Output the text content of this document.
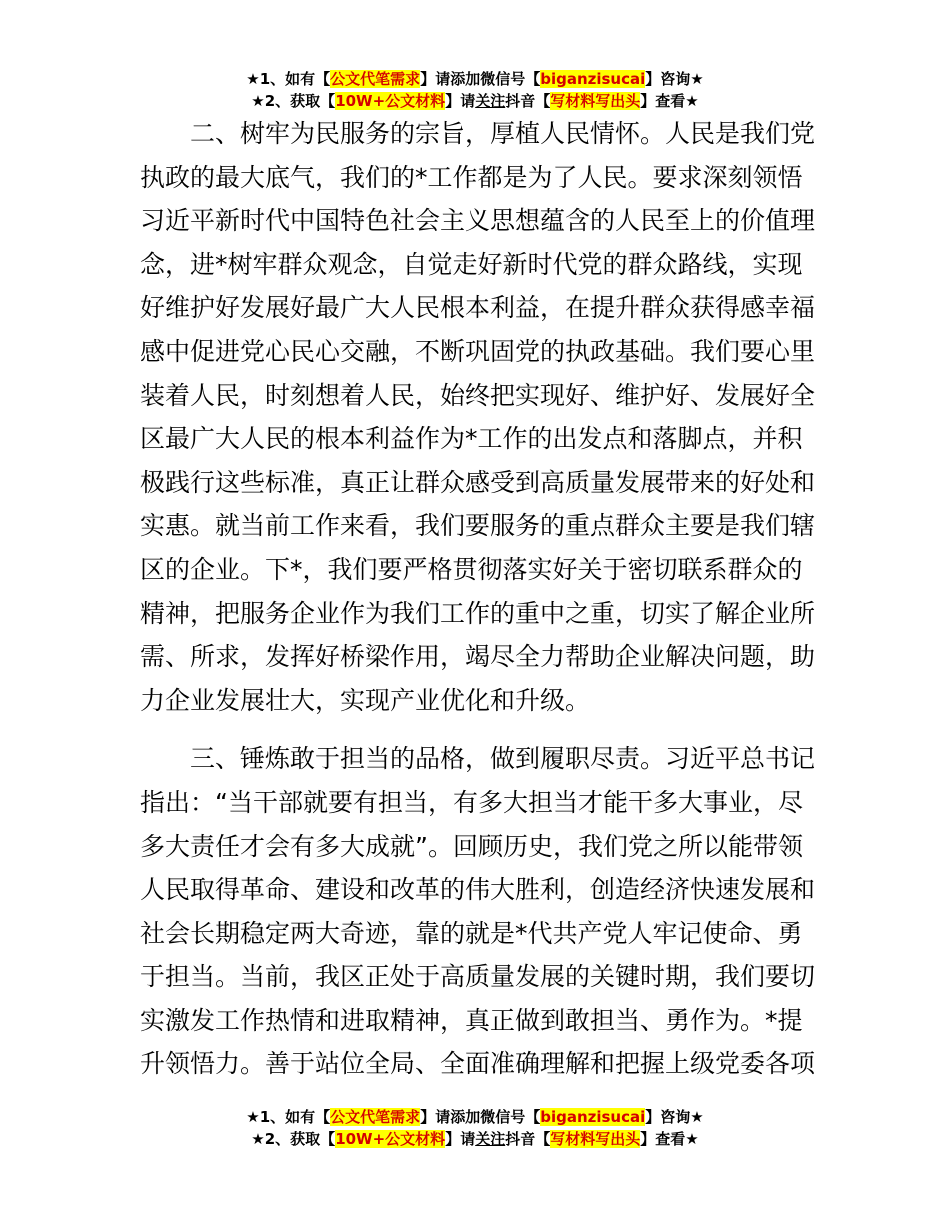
★1、如有【公文代笔需求】请添加微信号【biganzisucai】咨询★
★2、获取【10W+公文材料】请关注抖音【写材料写出头】查看★

二、树牢为民服务的宗旨，厚植人民情怀。人民是我们党
执政的最大底气，我们的*工作都是为了人民。要求深刻领悟
习近平新时代中国特色社会主义思想蕴含的人民至上的价值理
念，进*树牢群众观念，自觉走好新时代党的群众路线，实现
好维护好发展好最广大人民根本利益，在提升群众获得感幸福
感中促进党心民心交融，不断巩固党的执政基础。我们要心里
装着人民，时刻想着人民，始终把实现好、维护好、发展好全
区最广大人民的根本利益作为*工作的出发点和落脚点，并积
极践行这些标准，真正让群众感受到高质量发展带来的好处和
实惠。就当前工作来看，我们要服务的重点群众主要是我们辖
区的企业。下*，我们要严格贯彻落实好关于密切联系群众的
精神，把服务企业作为我们工作的重中之重，切实了解企业所
需、所求，发挥好桥梁作用，竭尽全力帮助企业解决问题，助
力企业发展壮大，实现产业优化和升级。

三、锤炼敢于担当的品格，做到履职尽责。习近平总书记
指出：“当干部就要有担当，有多大担当才能干多大事业，尽
多大责任才会有多大成就”。回顾历史，我们党之所以能带领
人民取得革命、建设和改革的伟大胜利，创造经济快速发展和
社会长期稳定两大奇迹，靠的就是*代共产党人牢记使命、勇
于担当。当前，我区正处于高质量发展的关键时期，我们要切
实激发工作热情和进取精神，真正做到敢担当、勇作为。*提
升领悟力。善于站位全局、全面准确理解和把握上级党委各项

★1、如有【公文代笔需求】请添加微信号【biganzisucai】咨询★
★2、获取【10W+公文材料】请关注抖音【写材料写出头】查看★
